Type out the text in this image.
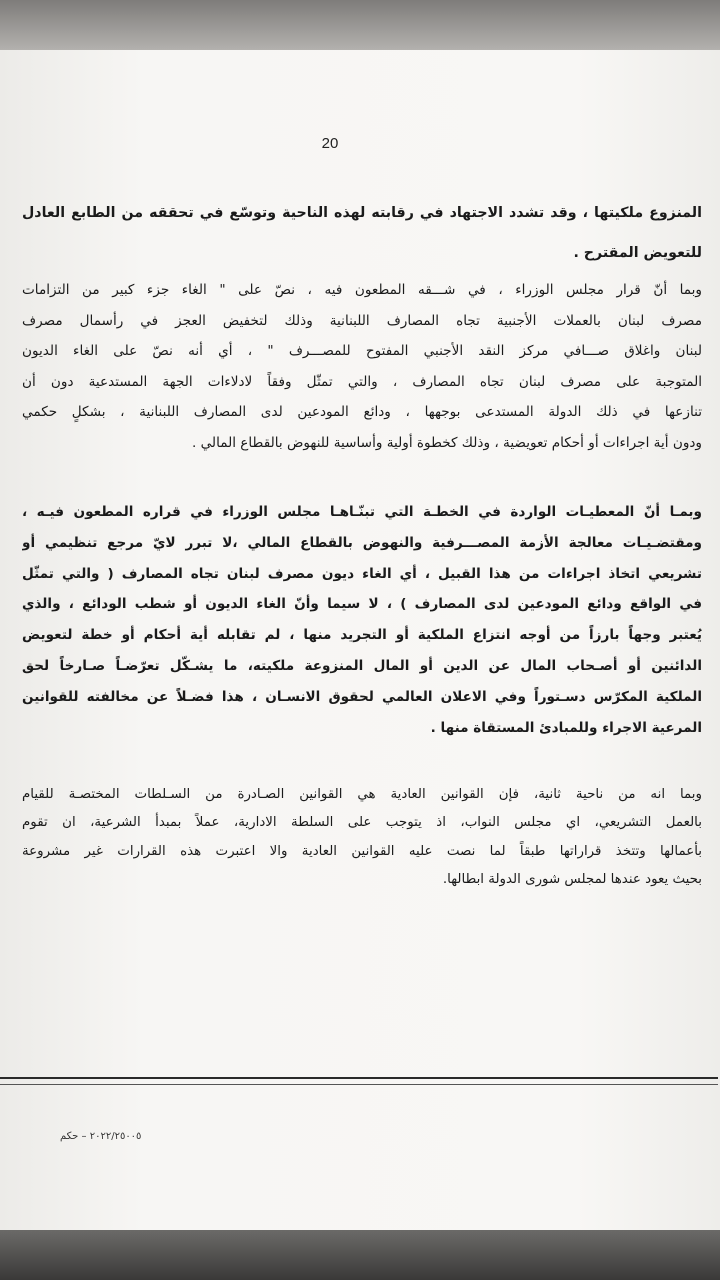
20
المنزوع ملكيتها ، وقد تشدد الاجتهاد في رقابته لهذه الناحية وتوسّع في تحققه من الطابع العادل
للتعويض المقترح .
وبما أنّ قرار مجلس الوزراء ، في شـــقه المطعون فيه ، نصّ على " الغاء جزء كبير من التزامات
مصرف لبنان بالعملات الأجنبية تجاه المصارف اللبنانية وذلك لتخفيض العجز في رأسمال مصرف
لبنان واغلاق صـــافي مركز النقد الأجنبي المفتوح للمصـــرف " ، أي أنه نصّ على الغاء الديون
المتوجبة على مصرف لبنان تجاه المصارف ، والتي تمثّل وفقاً لادلاءات الجهة المستدعية دون أن
تنازعها في ذلك الدولة المستدعى بوجهها ، ودائع المودعين لدى المصارف اللبنانية ، بشكلٍ حكمي
ودون أية اجراءات أو أحكام تعويضية ، وذلك كخطوة أولية وأساسية للنهوض بالقطاع المالي .
وبمـا أنّ المعطيـات الواردة في الخطـة التي تبنّـاهـا مجلس الوزراء في قراره المطعون فيـه ،
ومقتضـيـات معالجة الأزمة المصـــرفية والنهوض بالقطاع المالي ،لا تبرر لايّ مرجع تنظيمي أو
تشريعي اتخاذ اجراءات من هذا القبيل ، أي الغاء ديون مصرف لبنان تجاه المصارف ( والتي تمثّل
في الواقع ودائع المودعين لدى المصارف ) ، لا سيما وأنّ الغاء الديون أو شطب الودائع ، والذي
يُعتبر وجهاً بارزاً من أوجه انتزاع الملكية أو التجريد منها ، لم تقابله أية أحكام أو خطة لتعويض
الدائنين أو أصـحاب المال عن الدين أو المال المنزوعة ملكيته، ما يشـكّل تعرّضـاً صـارخاً لحق
الملكية المكرّس دسـتوراً وفي الاعلان العالمي لحقوق الانسـان ، هذا فضـلاً عن مخالفته للقوانين
المرعية الاجراء وللمبادئ المستقاة منها .
وبما انه من ناحية ثانية، فإن القوانين العادية هي القوانين الصـادرة من السـلطات المختصـة للقيام
بالعمل التشريعي، اي مجلس النواب، اذ يتوجب على السلطة الادارية، عملاً بمبدأ الشرعية، ان تقوم
بأعمالها وتتخذ قراراتها طبقاً لما نصت عليه القوانين العادية والا اعتبرت هذه القرارات غير مشروعة
بحيث يعود عندها لمجلس شورى الدولة ابطالها.
٢٠٢٢/٢٥٠٠٥ – حكم
